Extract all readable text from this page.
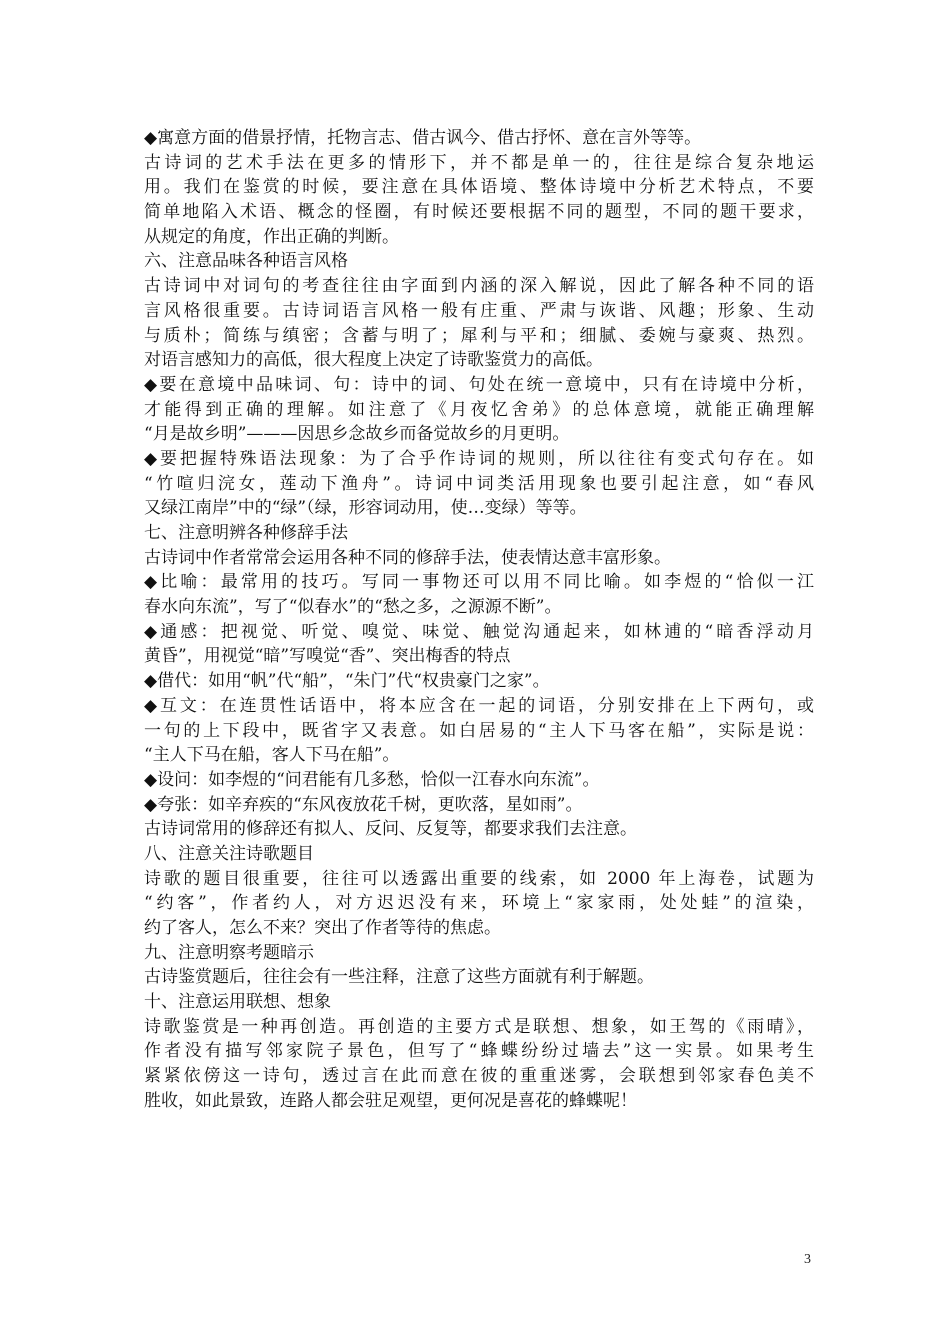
◆寓意方面的借景抒情，托物言志、借古讽今、借古抒怀、意在言外等等。
古诗词的艺术手法在更多的情形下，并不都是单一的，往往是综合复杂地运
用。我们在鉴赏的时候，要注意在具体语境、整体诗境中分析艺术特点，不要
简单地陷入术语、概念的怪圈，有时候还要根据不同的题型，不同的题干要求，
从规定的角度，作出正确的判断。
六、注意品味各种语言风格
古诗词中对词句的考查往往由字面到内涵的深入解说，因此了解各种不同的语
言风格很重要。古诗词语言风格一般有庄重、严肃与诙谐、风趣；形象、生动
与质朴；简练与缜密；含蓄与明了；犀利与平和；细腻、委婉与豪爽、热烈。
对语言感知力的高低，很大程度上决定了诗歌鉴赏力的高低。
◆要在意境中品味词、句：诗中的词、句处在统一意境中，只有在诗境中分析，
才能得到正确的理解。如注意了《月夜忆舍弟》的总体意境，就能正确理解
“月是故乡明”———因思乡念故乡而备觉故乡的月更明。
◆要把握特殊语法现象：为了合乎作诗词的规则，所以往往有变式句存在。如
“竹喧归浣女，莲动下渔舟”。诗词中词类活用现象也要引起注意，如“春风
又绿江南岸”中的“绿”（绿，形容词动用，使…变绿）等等。
七、注意明辨各种修辞手法
古诗词中作者常常会运用各种不同的修辞手法，使表情达意丰富形象。
◆比喻：最常用的技巧。写同一事物还可以用不同比喻。如李煜的“恰似一江
春水向东流”，写了“似春水”的“愁之多，之源源不断”。
◆通感：把视觉、听觉、嗅觉、味觉、触觉沟通起来，如林逋的“暗香浮动月
黄昏”，用视觉“暗”写嗅觉“香”、突出梅香的特点
◆借代：如用“帆”代“船”，“朱门”代“权贵豪门之家”。
◆互文：在连贯性话语中，将本应含在一起的词语，分别安排在上下两句，或
一句的上下段中，既省字又表意。如白居易的“主人下马客在船”，实际是说：
“主人下马在船，客人下马在船”。
◆设问：如李煜的“问君能有几多愁，恰似一江春水向东流”。
◆夸张：如辛弃疾的“东风夜放花千树，更吹落，星如雨”。
古诗词常用的修辞还有拟人、反问、反复等，都要求我们去注意。
八、注意关注诗歌题目
诗歌的题目很重要，往往可以透露出重要的线索，如 2000 年上海卷，试题为
“约客”，作者约人，对方迟迟没有来，环境上“家家雨，处处蛙”的渲染，
约了客人，怎么不来？突出了作者等待的焦虑。
九、注意明察考题暗示
古诗鉴赏题后，往往会有一些注释，注意了这些方面就有利于解题。
十、注意运用联想、想象
诗歌鉴赏是一种再创造。再创造的主要方式是联想、想象，如王驾的《雨晴》，
作者没有描写邻家院子景色，但写了“蜂蝶纷纷过墙去”这一实景。如果考生
紧紧依傍这一诗句，透过言在此而意在彼的重重迷雾，会联想到邻家春色美不
胜收，如此景致，连路人都会驻足观望，更何况是喜花的蜂蝶呢！
3
